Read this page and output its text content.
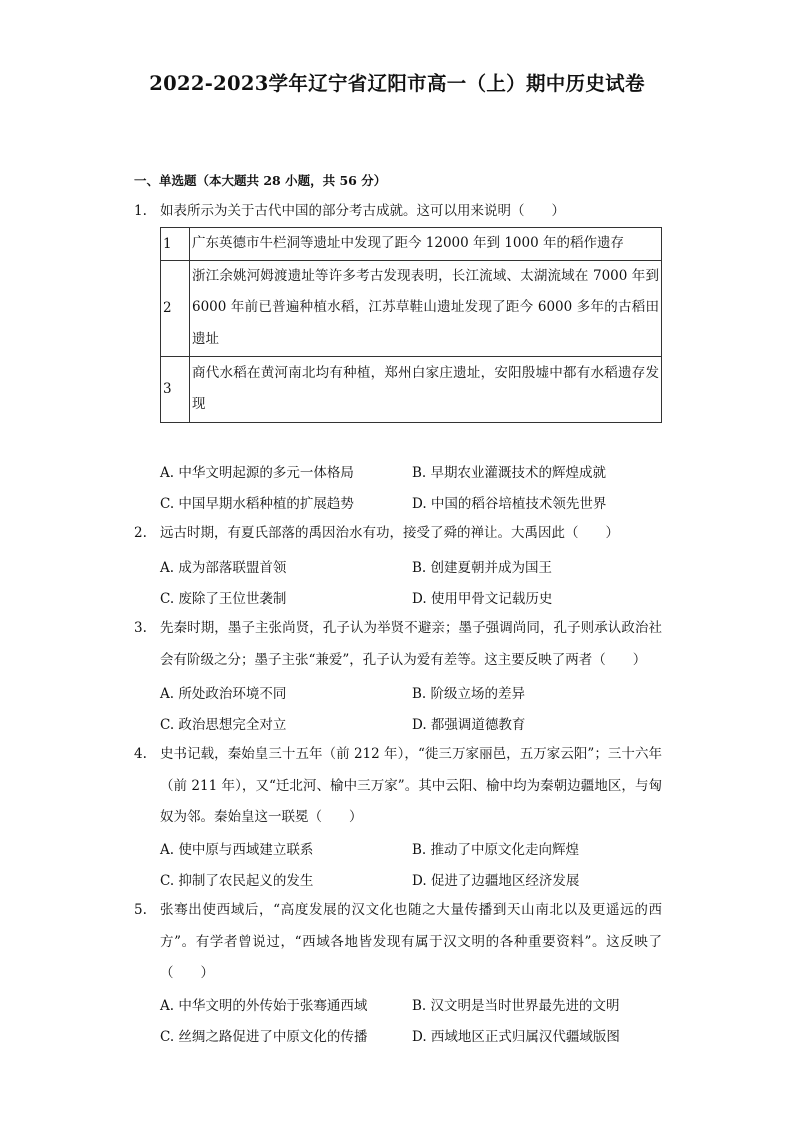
2022-2023学年辽宁省辽阳市高一（上）期中历史试卷
一、单选题（本大题共 28 小题，共 56 分）
1. 如表所示为关于古代中国的部分考古成就。这可以用来说明（　　）
1	广东英德市牛栏洞等遗址中发现了距今 12000 年到 1000 年的稻作遗存
2	浙江余姚河姆渡遗址等许多考古发现表明，长江流域、太湖流域在 7000 年到 6000 年前已普遍种植水稻，江苏草鞋山遗址发现了距今 6000 多年的古稻田遗址
3	商代水稻在黄河南北均有种植，郑州白家庄遗址，安阳殷墟中都有水稻遗存发现
A. 中华文明起源的多元一体格局	B. 早期农业灌溉技术的辉煌成就
C. 中国早期水稻种植的扩展趋势	D. 中国的稻谷培植技术领先世界
2. 远古时期，有夏氏部落的禹因治水有功，接受了舜的禅让。大禹因此（　　）
A. 成为部落联盟首领	B. 创建夏朝并成为国王
C. 废除了王位世袭制	D. 使用甲骨文记载历史
3. 先秦时期，墨子主张尚贤，孔子认为举贤不避亲；墨子强调尚同，孔子则承认政治社会有阶级之分；墨子主张“兼爱”，孔子认为爱有差等。这主要反映了两者（　　）
A. 所处政治环境不同	B. 阶级立场的差异
C. 政治思想完全对立	D. 都强调道德教育
4. 史书记载，秦始皇三十五年（前 212 年），“徙三万家丽邑，五万家云阳”；三十六年（前 211 年），又“迁北河、榆中三万家”。其中云阳、榆中均为秦朝边疆地区，与匈奴为邻。秦始皇这一联冕（　　）
A. 使中原与西域建立联系	B. 推动了中原文化走向辉煌
C. 抑制了农民起义的发生	D. 促进了边疆地区经济发展
5. 张骞出使西域后，“高度发展的汉文化也随之大量传播到天山南北以及更遥远的西方”。有学者曾说过，“西域各地皆发现有属于汉文明的各种重要资料”。这反映了（　　）
A. 中华文明的外传始于张骞通西域	B. 汉文明是当时世界最先进的文明
C. 丝绸之路促进了中原文化的传播	D. 西域地区正式归属汉代疆域版图
